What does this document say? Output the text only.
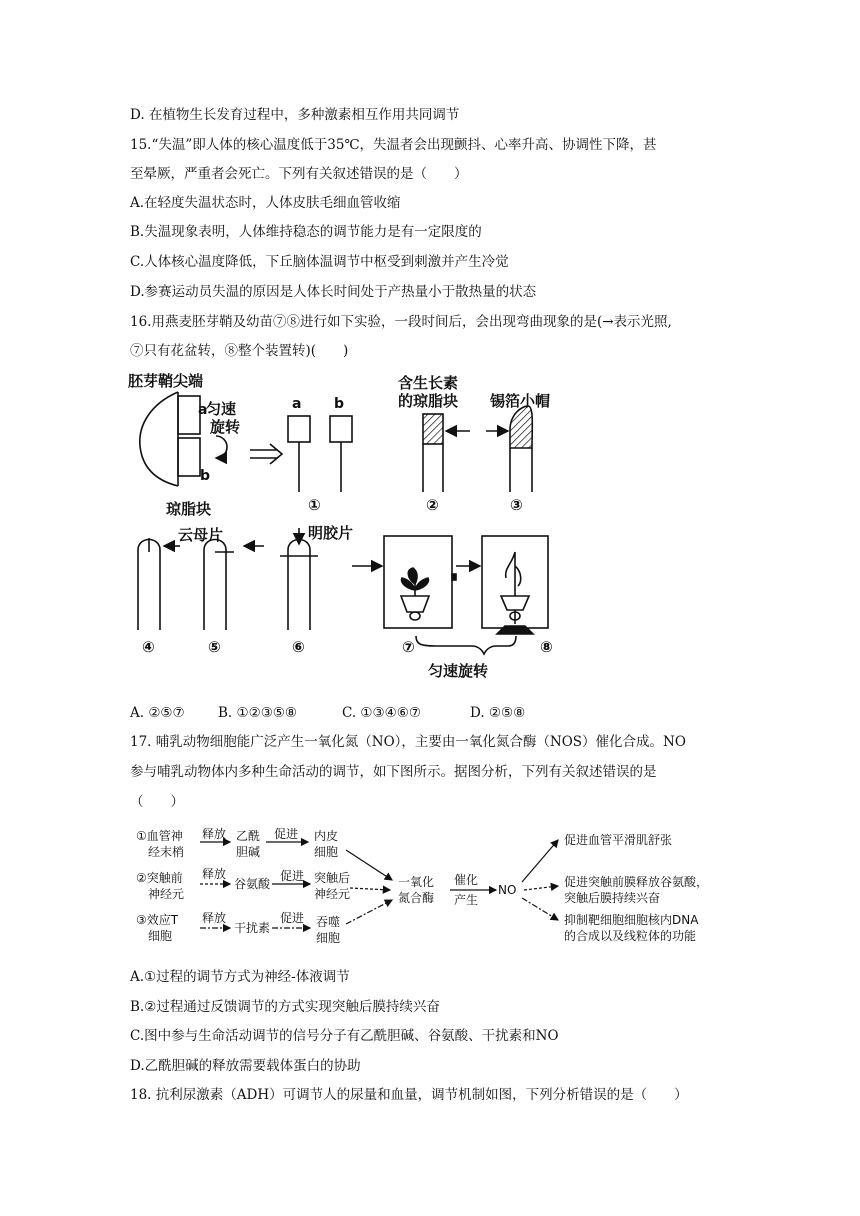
D. 在植物生长发育过程中，多种激素相互作用共同调节
15.“失温”即人体的核心温度低于35℃，失温者会出现颤抖、心率升高、协调性下降，甚
至晕厥，严重者会死亡。下列有关叙述错误的是（　　）
A.在轻度失温状态时，人体皮肤毛细血管收缩
B.失温现象表明，人体维持稳态的调节能力是有一定限度的
C.人体核心温度降低，下丘脑体温调节中枢受到刺激并产生冷觉
D.参赛运动员失温的原因是人体长时间处于产热量小于散热量的状态
16.用燕麦胚芽鞘及幼苗⑦⑧进行如下实验，一段时间后，会出现弯曲现象的是(→表示光照,
⑦只有花盆转，⑧整个装置转)(　　)
胚芽鞘尖端
a
b
匀速
旋转
琼脂块
a b
含生长素
的琼脂块 锡箔小帽
云母片	明胶片
匀速旋转
①	②	③
④	⑤	⑥	⑦	⑧
A. ②⑤⑦ B. ①②③⑤⑧	C. ①③④⑥⑦	D. ②⑤⑧
17. 哺乳动物细胞能广泛产生一氧化氮（NO），主要由一氧化氮合酶（NOS）催化合成。NO
参与哺乳动物体内多种生命活动的调节，如下图所示。据图分析，下列有关叙述错误的是
（　　）
①血管神
经末梢
释放 乙酰
胆碱
促进 内皮
细胞
②突触前
神经元
释放
谷氨酸
促进 突触后
神经元
③效应T
细胞
释放
干扰素
促进 吞噬
细胞
一氧化
氮合酶
催化
产生
NO
促进血管平滑肌舒张
促进突触前膜释放谷氨酸，
突触后膜持续兴奋
抑制靶细胞细胞核内DNA
的合成以及线粒体的功能
A.①过程的调节方式为神经-体液调节
B.②过程通过反馈调节的方式实现突触后膜持续兴奋
C.图中参与生命活动调节的信号分子有乙酰胆碱、谷氨酸、干扰素和NO
D.乙酰胆碱的释放需要载体蛋白的协助
18. 抗利尿激素（ADH）可调节人的尿量和血量，调节机制如图，下列分析错误的是（　　）
